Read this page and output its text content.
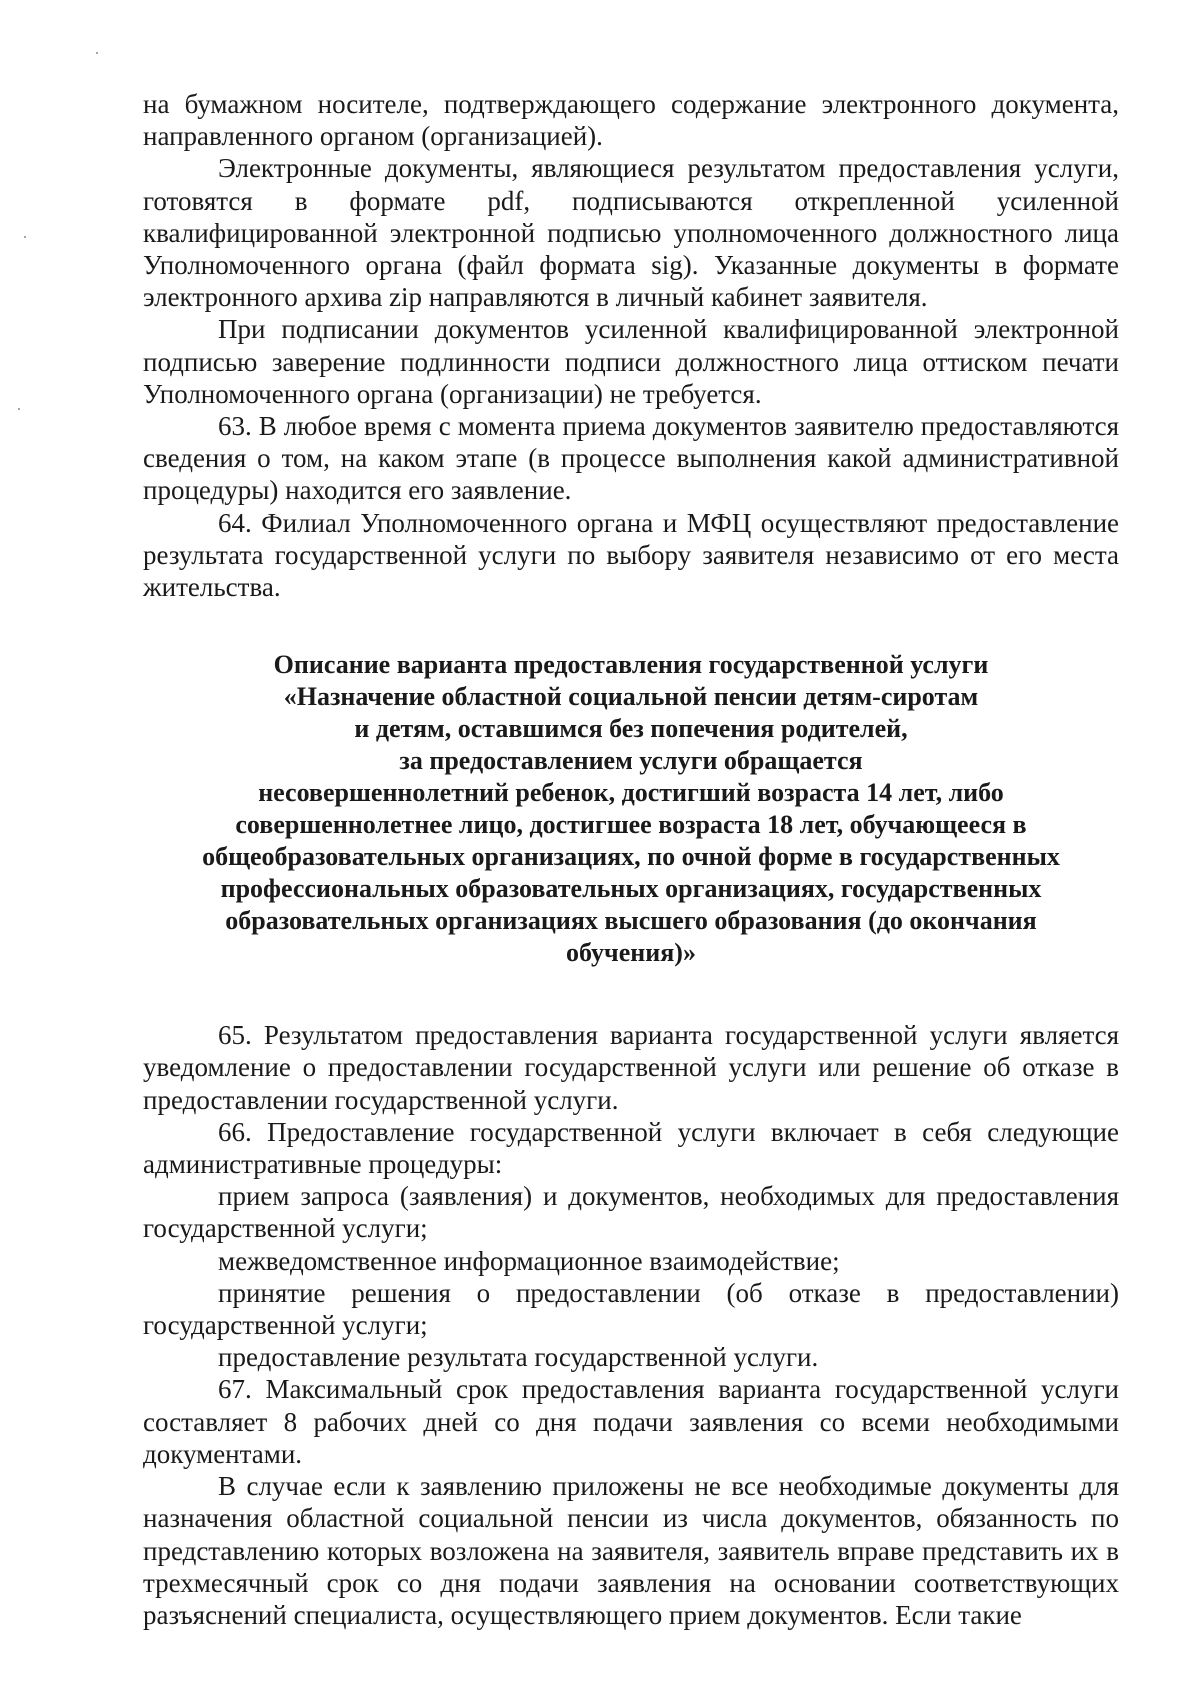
на бумажном носителе, подтверждающего содержание электронного документа, направленного органом (организацией).

Электронные документы, являющиеся результатом предоставления услуги, готовятся в формате pdf, подписываются открепленной усиленной квалифицированной электронной подписью уполномоченного должностного лица Уполномоченного органа (файл формата sig). Указанные документы в формате электронного архива zip направляются в личный кабинет заявителя.

При подписании документов усиленной квалифицированной электронной подписью заверение подлинности подписи должностного лица оттиском печати Уполномоченного органа (организации) не требуется.

63. В любое время с момента приема документов заявителю предоставляются сведения о том, на каком этапе (в процессе выполнения какой административной процедуры) находится его заявление.

64. Филиал Уполномоченного органа и МФЦ осуществляют предоставление результата государственной услуги по выбору заявителя независимо от его места жительства.

Описание варианта предоставления государственной услуги
«Назначение областной социальной пенсии детям-сиротам
и детям, оставшимся без попечения родителей,
за предоставлением услуги обращается
несовершеннолетний ребенок, достигший возраста 14 лет, либо
совершеннолетнее лицо, достигшее возраста 18 лет, обучающееся в
общеобразовательных организациях, по очной форме в государственных
профессиональных образовательных организациях, государственных
образовательных организациях высшего образования (до окончания
обучения)»

65. Результатом предоставления варианта государственной услуги является уведомление о предоставлении государственной услуги или решение об отказе в предоставлении государственной услуги.

66. Предоставление государственной услуги включает в себя следующие административные процедуры:

прием запроса (заявления) и документов, необходимых для предоставления государственной услуги;

межведомственное информационное взаимодействие;

принятие решения о предоставлении (об отказе в предоставлении) государственной услуги;

предоставление результата государственной услуги.

67. Максимальный срок предоставления варианта государственной услуги составляет 8 рабочих дней со дня подачи заявления со всеми необходимыми документами.

В случае если к заявлению приложены не все необходимые документы для назначения областной социальной пенсии из числа документов, обязанность по представлению которых возложена на заявителя, заявитель вправе представить их в трехмесячный срок со дня подачи заявления на основании соответствующих разъяснений специалиста, осуществляющего прием документов. Если такие
